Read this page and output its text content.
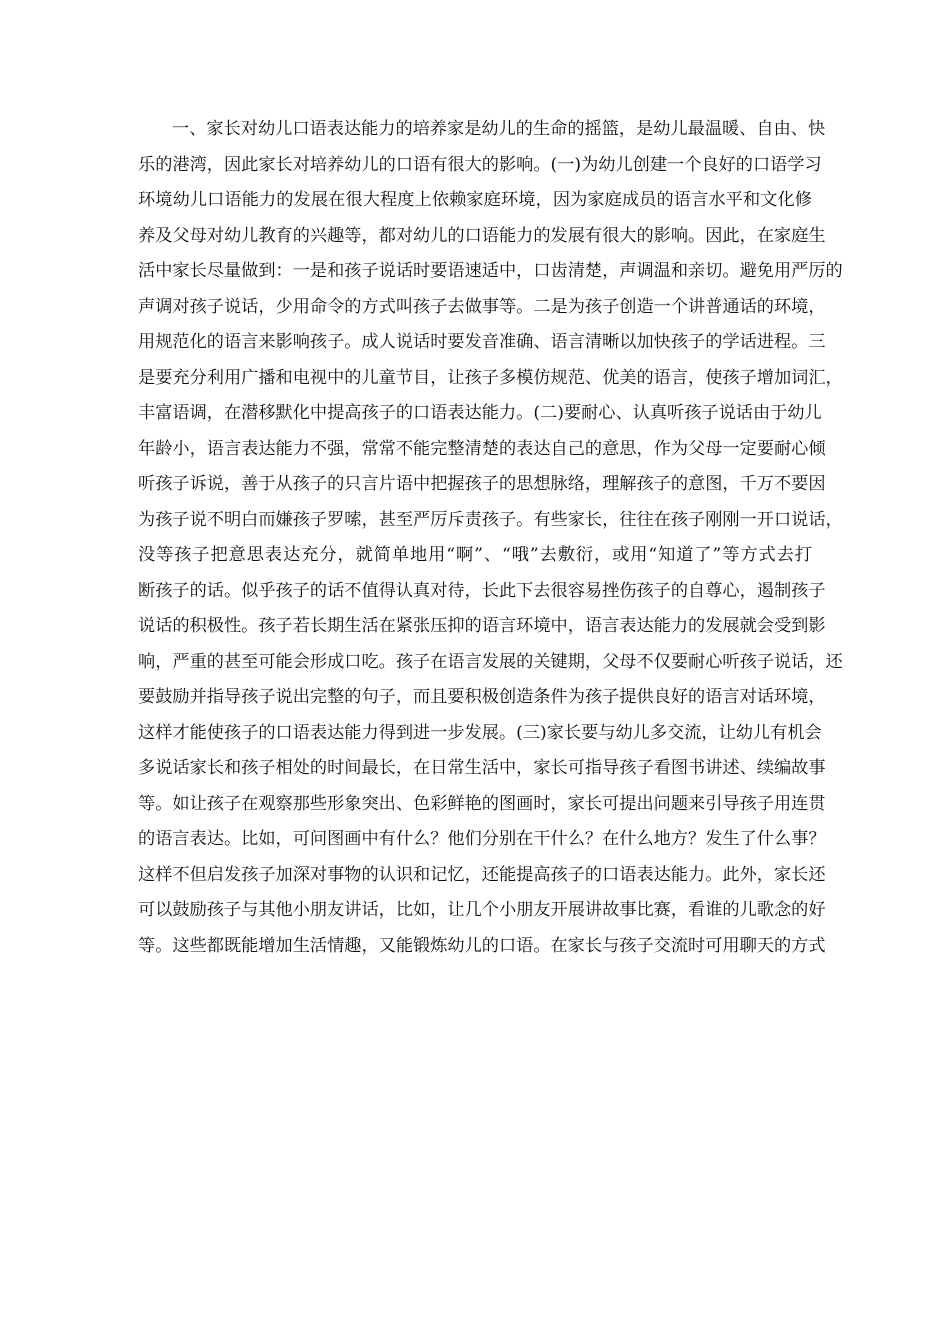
一、家长对幼儿口语表达能力的培养家是幼儿的生命的摇篮，是幼儿最温暖、自由、快
乐的港湾，因此家长对培养幼儿的口语有很大的影响。(一)为幼儿创建一个良好的口语学习
环境幼儿口语能力的发展在很大程度上依赖家庭环境，因为家庭成员的语言水平和文化修
养及父母对幼儿教育的兴趣等，都对幼儿的口语能力的发展有很大的影响。因此，在家庭生
活中家长尽量做到：一是和孩子说话时要语速适中，口齿清楚，声调温和亲切。避免用严厉的
声调对孩子说话，少用命令的方式叫孩子去做事等。二是为孩子创造一个讲普通话的环境，
用规范化的语言来影响孩子。成人说话时要发音准确、语言清晰以加快孩子的学话进程。三
是要充分利用广播和电视中的儿童节目，让孩子多模仿规范、优美的语言，使孩子增加词汇，
丰富语调，在潜移默化中提高孩子的口语表达能力。(二)要耐心、认真听孩子说话由于幼儿
年龄小，语言表达能力不强，常常不能完整清楚的表达自己的意思，作为父母一定要耐心倾
听孩子诉说，善于从孩子的只言片语中把握孩子的思想脉络，理解孩子的意图，千万不要因
为孩子说不明白而嫌孩子罗嗦，甚至严厉斥责孩子。有些家长，往往在孩子刚刚一开口说话，
没等孩子把意思表达充分，就简单地用“啊”、“哦”去敷衍，或用“知道了”等方式去打
断孩子的话。似乎孩子的话不值得认真对待，长此下去很容易挫伤孩子的自尊心，遏制孩子
说话的积极性。孩子若长期生活在紧张压抑的语言环境中，语言表达能力的发展就会受到影
响，严重的甚至可能会形成口吃。孩子在语言发展的关键期，父母不仅要耐心听孩子说话，还
要鼓励并指导孩子说出完整的句子，而且要积极创造条件为孩子提供良好的语言对话环境，
这样才能使孩子的口语表达能力得到进一步发展。(三)家长要与幼儿多交流，让幼儿有机会
多说话家长和孩子相处的时间最长，在日常生活中，家长可指导孩子看图书讲述、续编故事
等。如让孩子在观察那些形象突出、色彩鲜艳的图画时，家长可提出问题来引导孩子用连贯
的语言表达。比如，可问图画中有什么？他们分别在干什么？在什么地方？发生了什么事？
这样不但启发孩子加深对事物的认识和记忆，还能提高孩子的口语表达能力。此外，家长还
可以鼓励孩子与其他小朋友讲话，比如，让几个小朋友开展讲故事比赛，看谁的儿歌念的好
等。这些都既能增加生活情趣，又能锻炼幼儿的口语。在家长与孩子交流时可用聊天的方式
